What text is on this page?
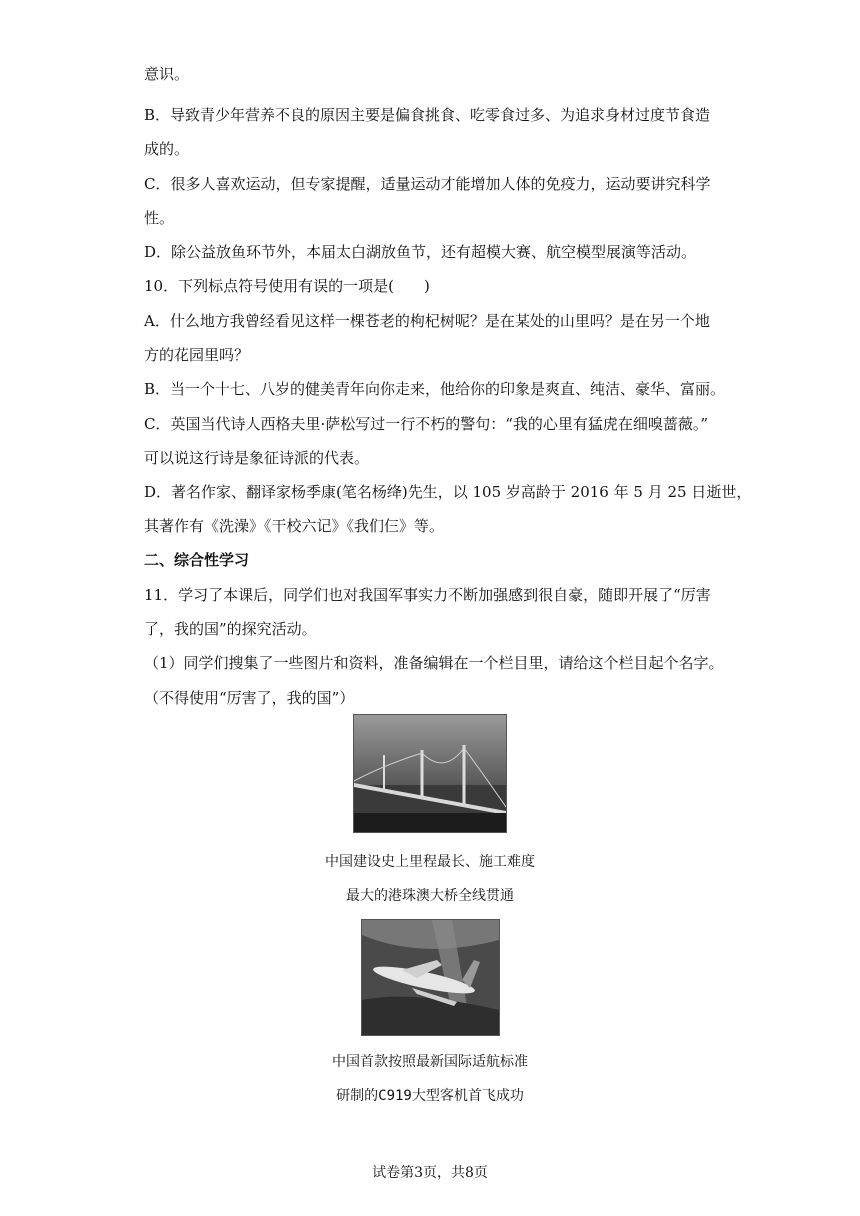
意识。
B．导致青少年营养不良的原因主要是偏食挑食、吃零食过多、为追求身材过度节食造
成的。
C．很多人喜欢运动，但专家提醒，适量运动才能增加人体的免疫力，运动要讲究科学
性。
D．除公益放鱼环节外，本届太白湖放鱼节，还有超模大赛、航空模型展演等活动。
10．下列标点符号使用有误的一项是(　　)
A．什么地方我曾经看见这样一棵苍老的枸杞树呢？是在某处的山里吗？是在另一个地
方的花园里吗？
B．当一个十七、八岁的健美青年向你走来，他给你的印象是爽直、纯洁、豪华、富丽。
C．英国当代诗人西格夫里·萨松写过一行不朽的警句：“我的心里有猛虎在细嗅蔷薇。”
可以说这行诗是象征诗派的代表。
D．著名作家、翻译家杨季康(笔名杨绛)先生，以 105 岁高龄于 2016 年 5 月 25 日逝世，
其著作有《洗澡》《干校六记》《我们仨》等。
二、综合性学习
11．学习了本课后，同学们也对我国军事实力不断加强感到很自豪，随即开展了“厉害
了，我的国”的探究活动。
（1）同学们搜集了一些图片和资料，准备编辑在一个栏目里，请给这个栏目起个名字。
（不得使用“厉害了，我的国”）
中国建设史上里程最长、施工难度
最大的港珠澳大桥全线贯通
中国首款按照最新国际适航标准
研制的C919大型客机首飞成功
试卷第3页，共8页
